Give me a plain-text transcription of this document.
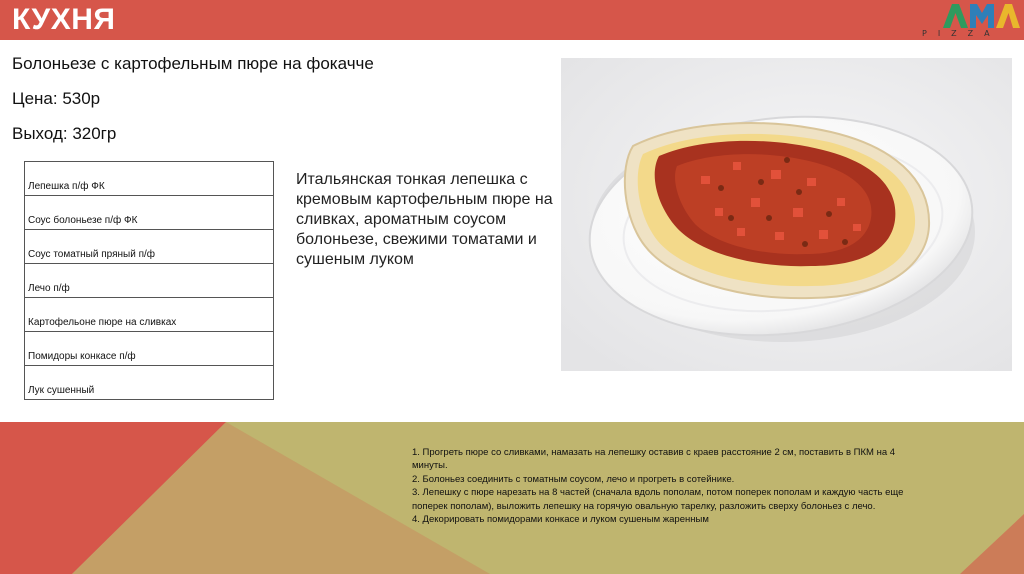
КУХНЯ	PIZZA
Болоньезе с картофельным пюре на фокачче
Цена: 530р
Выход: 320гр
Лепешка п/ф ФК
Соус болоньезе п/ф ФК
Соус томатный пряный п/ф
Лечо п/ф
Картофельоне пюре на сливках
Помидоры конкасе п/ф
Лук сушенный
Итальянская тонкая лепешка с кремовым картофельным пюре на сливках, ароматным соусом болоньезе, свежими томатами и сушеным луком
1. Прогреть пюре со сливками, намазать на лепешку оставив с краев расстояние 2 см, поставить в ПКМ на 4 минуты.
2. Болоньез соединить с томатным соусом, лечо и прогреть в сотейнике.
3. Лепешку с пюре нарезать на 8 частей (сначала вдоль пополам, потом поперек пополам и каждую часть еще поперек пополам), выложить лепешку на горячую овальную тарелку, разложить сверху болоньез с лечо.
4. Декорировать помидорами конкасе и луком сушеным жаренным
